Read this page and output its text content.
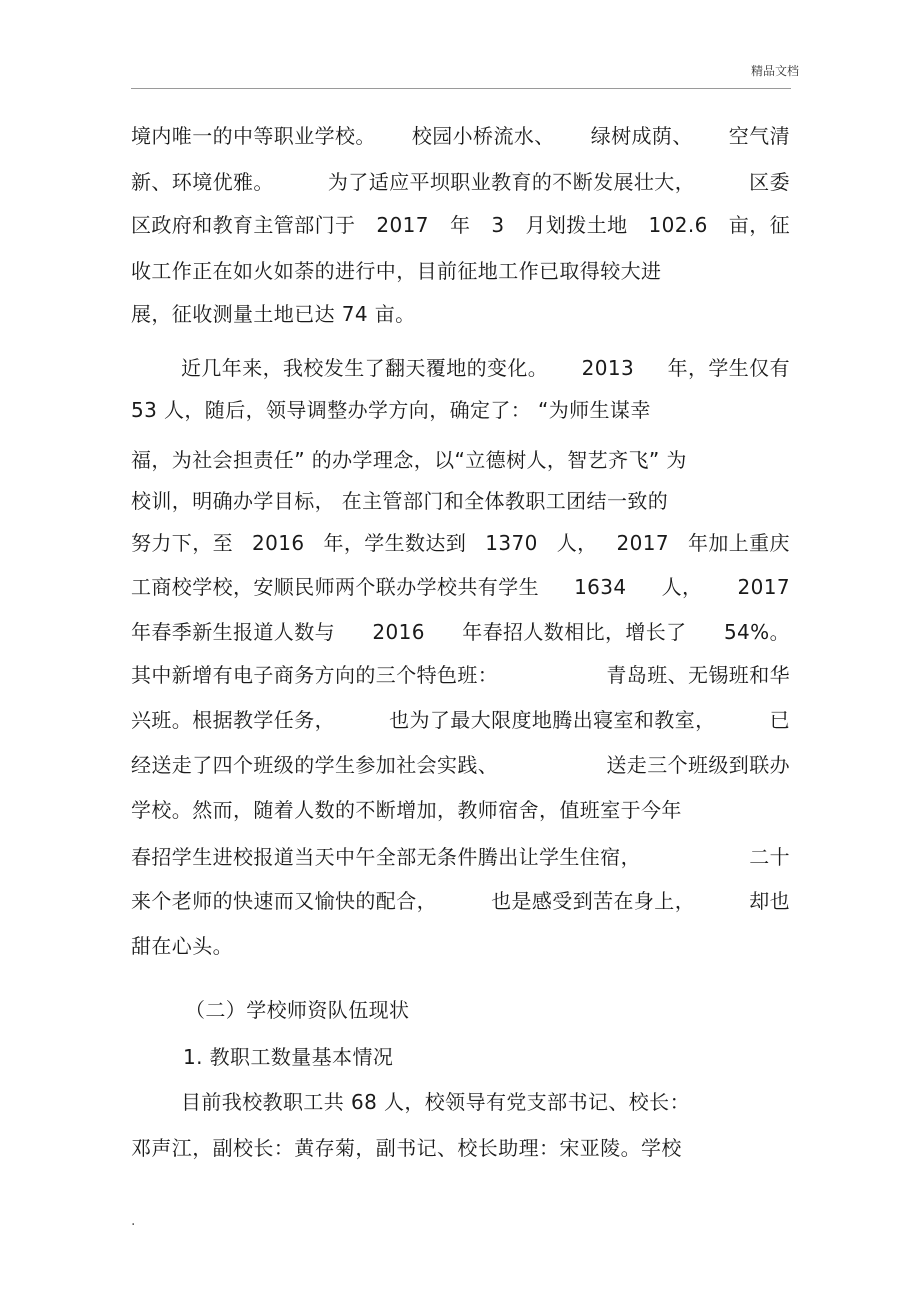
精品文档
境内唯一的中等职业学校。 校园小桥流水、 绿树成荫、 空气清
新、环境优雅。	为了适应平坝职业教育的不断发展壮大，	区委
区政府和教育主管部门于 2017 年 3 月划拨土地 102.6 亩，征
收工作正在如火如荼的进行中，目前征地工作已取得较大进
展，征收测量土地已达 74 亩。
近几年来，我校发生了翻天覆地的变化。 2013 年，学生仅有
53 人，随后，领导调整办学方向，确定了： “为师生谋幸
福，为社会担责任” 的办学理念，以“立德树人，智艺齐飞” 为
校训，明确办学目标， 在主管部门和全体教职工团结一致的
努力下，至 2016 年，学生数达到 1370 人， 2017 年加上重庆
工商校学校，安顺民师两个联办学校共有学生 1634 人， 2017
年春季新生报道人数与 2016 年春招人数相比，增长了 54%。
其中新增有电子商务方向的三个特色班：	青岛班、无锡班和华
兴班。根据教学任务，	也为了最大限度地腾出寝室和教室，	已
经送走了四个班级的学生参加社会实践、	送走三个班级到联办
学校。然而，随着人数的不断增加，教师宿舍，值班室于今年
春招学生进校报道当天中午全部无条件腾出让学生住宿，	二十
来个老师的快速而又愉快的配合，	也是感受到苦在身上，	却也
甜在心头。
（二）学校师资队伍现状
1. 教职工数量基本情况
目前我校教职工共 68 人，校领导有党支部书记、校长：
邓声江，副校长：黄存菊，副书记、校长助理：宋亚陵。学校
.
